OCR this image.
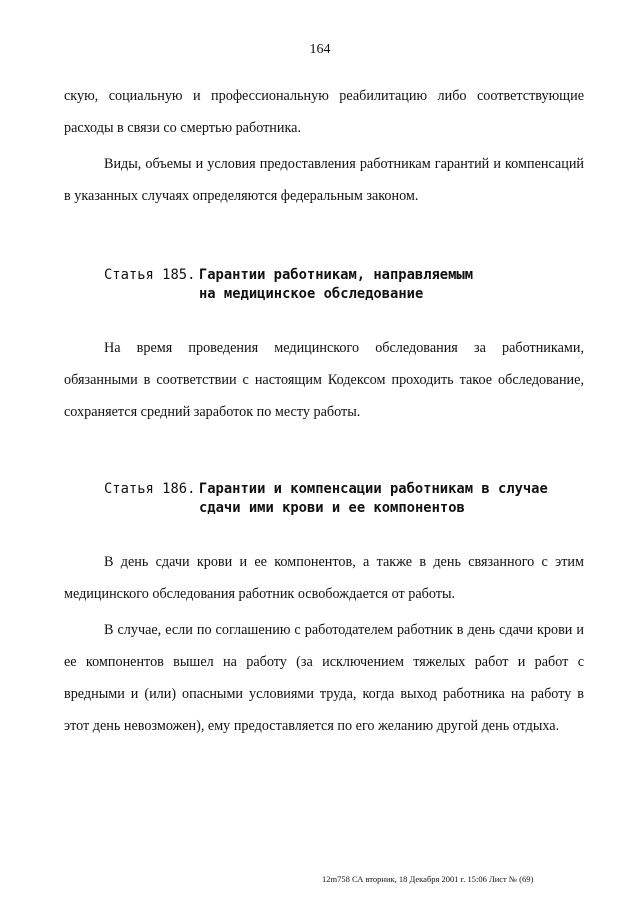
164

скую, социальную и профессиональную реабилитацию либо соответствующие расходы в связи со смертью работника.

Виды, объемы и условия предоставления работникам гарантий и компенсаций в указанных случаях определяются федеральным законом.

Статья 185. Гарантии работникам, направляемым
на медицинское обследование

На время проведения медицинского обследования за работниками, обязанными в соответствии с настоящим Кодексом проходить такое обследование, сохраняется средний заработок по месту работы.

Статья 186. Гарантии и компенсации работникам в случае
сдачи ими крови и ее компонентов

В день сдачи крови и ее компонентов, а также в день связанного с этим медицинского обследования работник освобождается от работы.

В случае, если по соглашению с работодателем работник в день сдачи крови и ее компонентов вышел на работу (за исключением тяжелых работ и работ с вредными и (или) опасными условиями труда, когда выход работника на работу в этот день невозможен), ему предоставляется по его желанию другой день отдыха.

12m758 СА вторник, 18 Декабря 2001 г. 15:06 Лист № (69)
